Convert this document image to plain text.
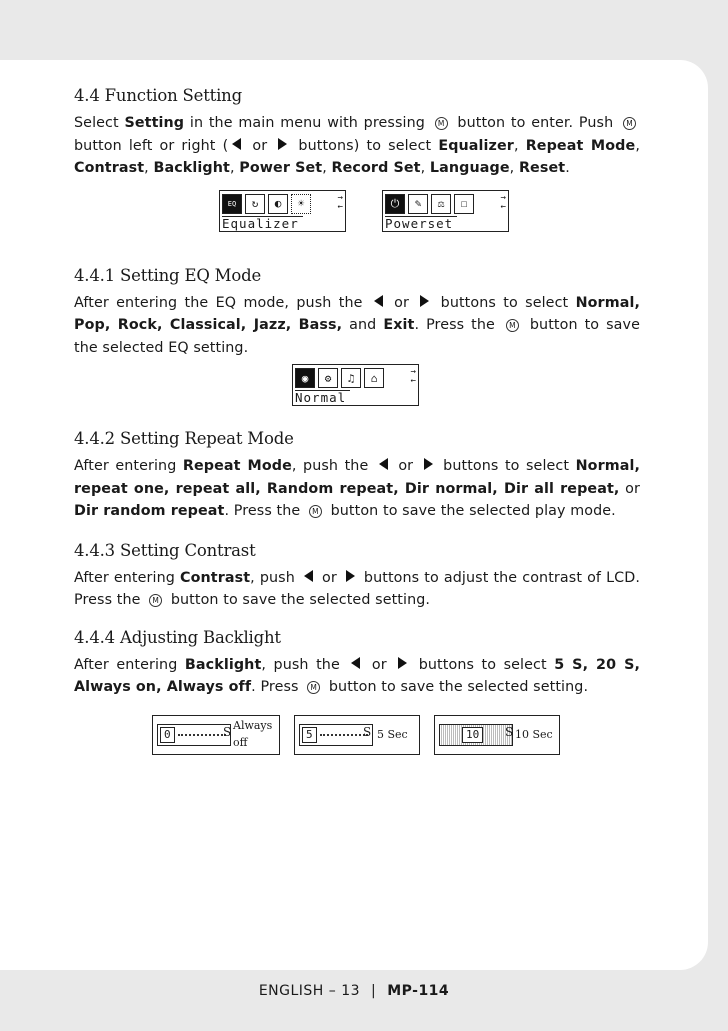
4.4 Function Setting

Select Setting in the main menu with pressing M button to enter. Push M button left or right ( or  buttons) to select Equalizer, Repeat Mode, Contrast, Backlight, Power Set, Record Set, Language, Reset.

EQ	↻	◐	☀	→
←
Equalizer
⏻	✎	⚖	☐	→
←
Powerset
4.4.1 Setting EQ Mode

After entering the EQ mode, push the  or  buttons to select Normal, Pop, Rock, Classical, Jazz, Bass, and Exit. Press the M button to save the selected EQ setting.

◉	⚙	♫	⌂	→
←
Normal
4.4.2 Setting Repeat Mode

After entering Repeat Mode, push the  or  buttons to select Normal, repeat one, repeat all, Random repeat, Dir normal, Dir all repeat, or Dir random repeat. Press the M button to save the selected play mode.

4.4.3 Setting Contrast

After entering Contrast, push  or  buttons to adjust the contrast of LCD. Press the M button to save the selected setting.

4.4.4 Adjusting Backlight

After entering Backlight, push the  or  buttons to select 5 S, 20 S, Always on, Always off. Press M button to save the selected setting.

0	S Always
off
5	S 5 Sec	10	S 10 Sec
ENGLISH – 13 | MP-114
